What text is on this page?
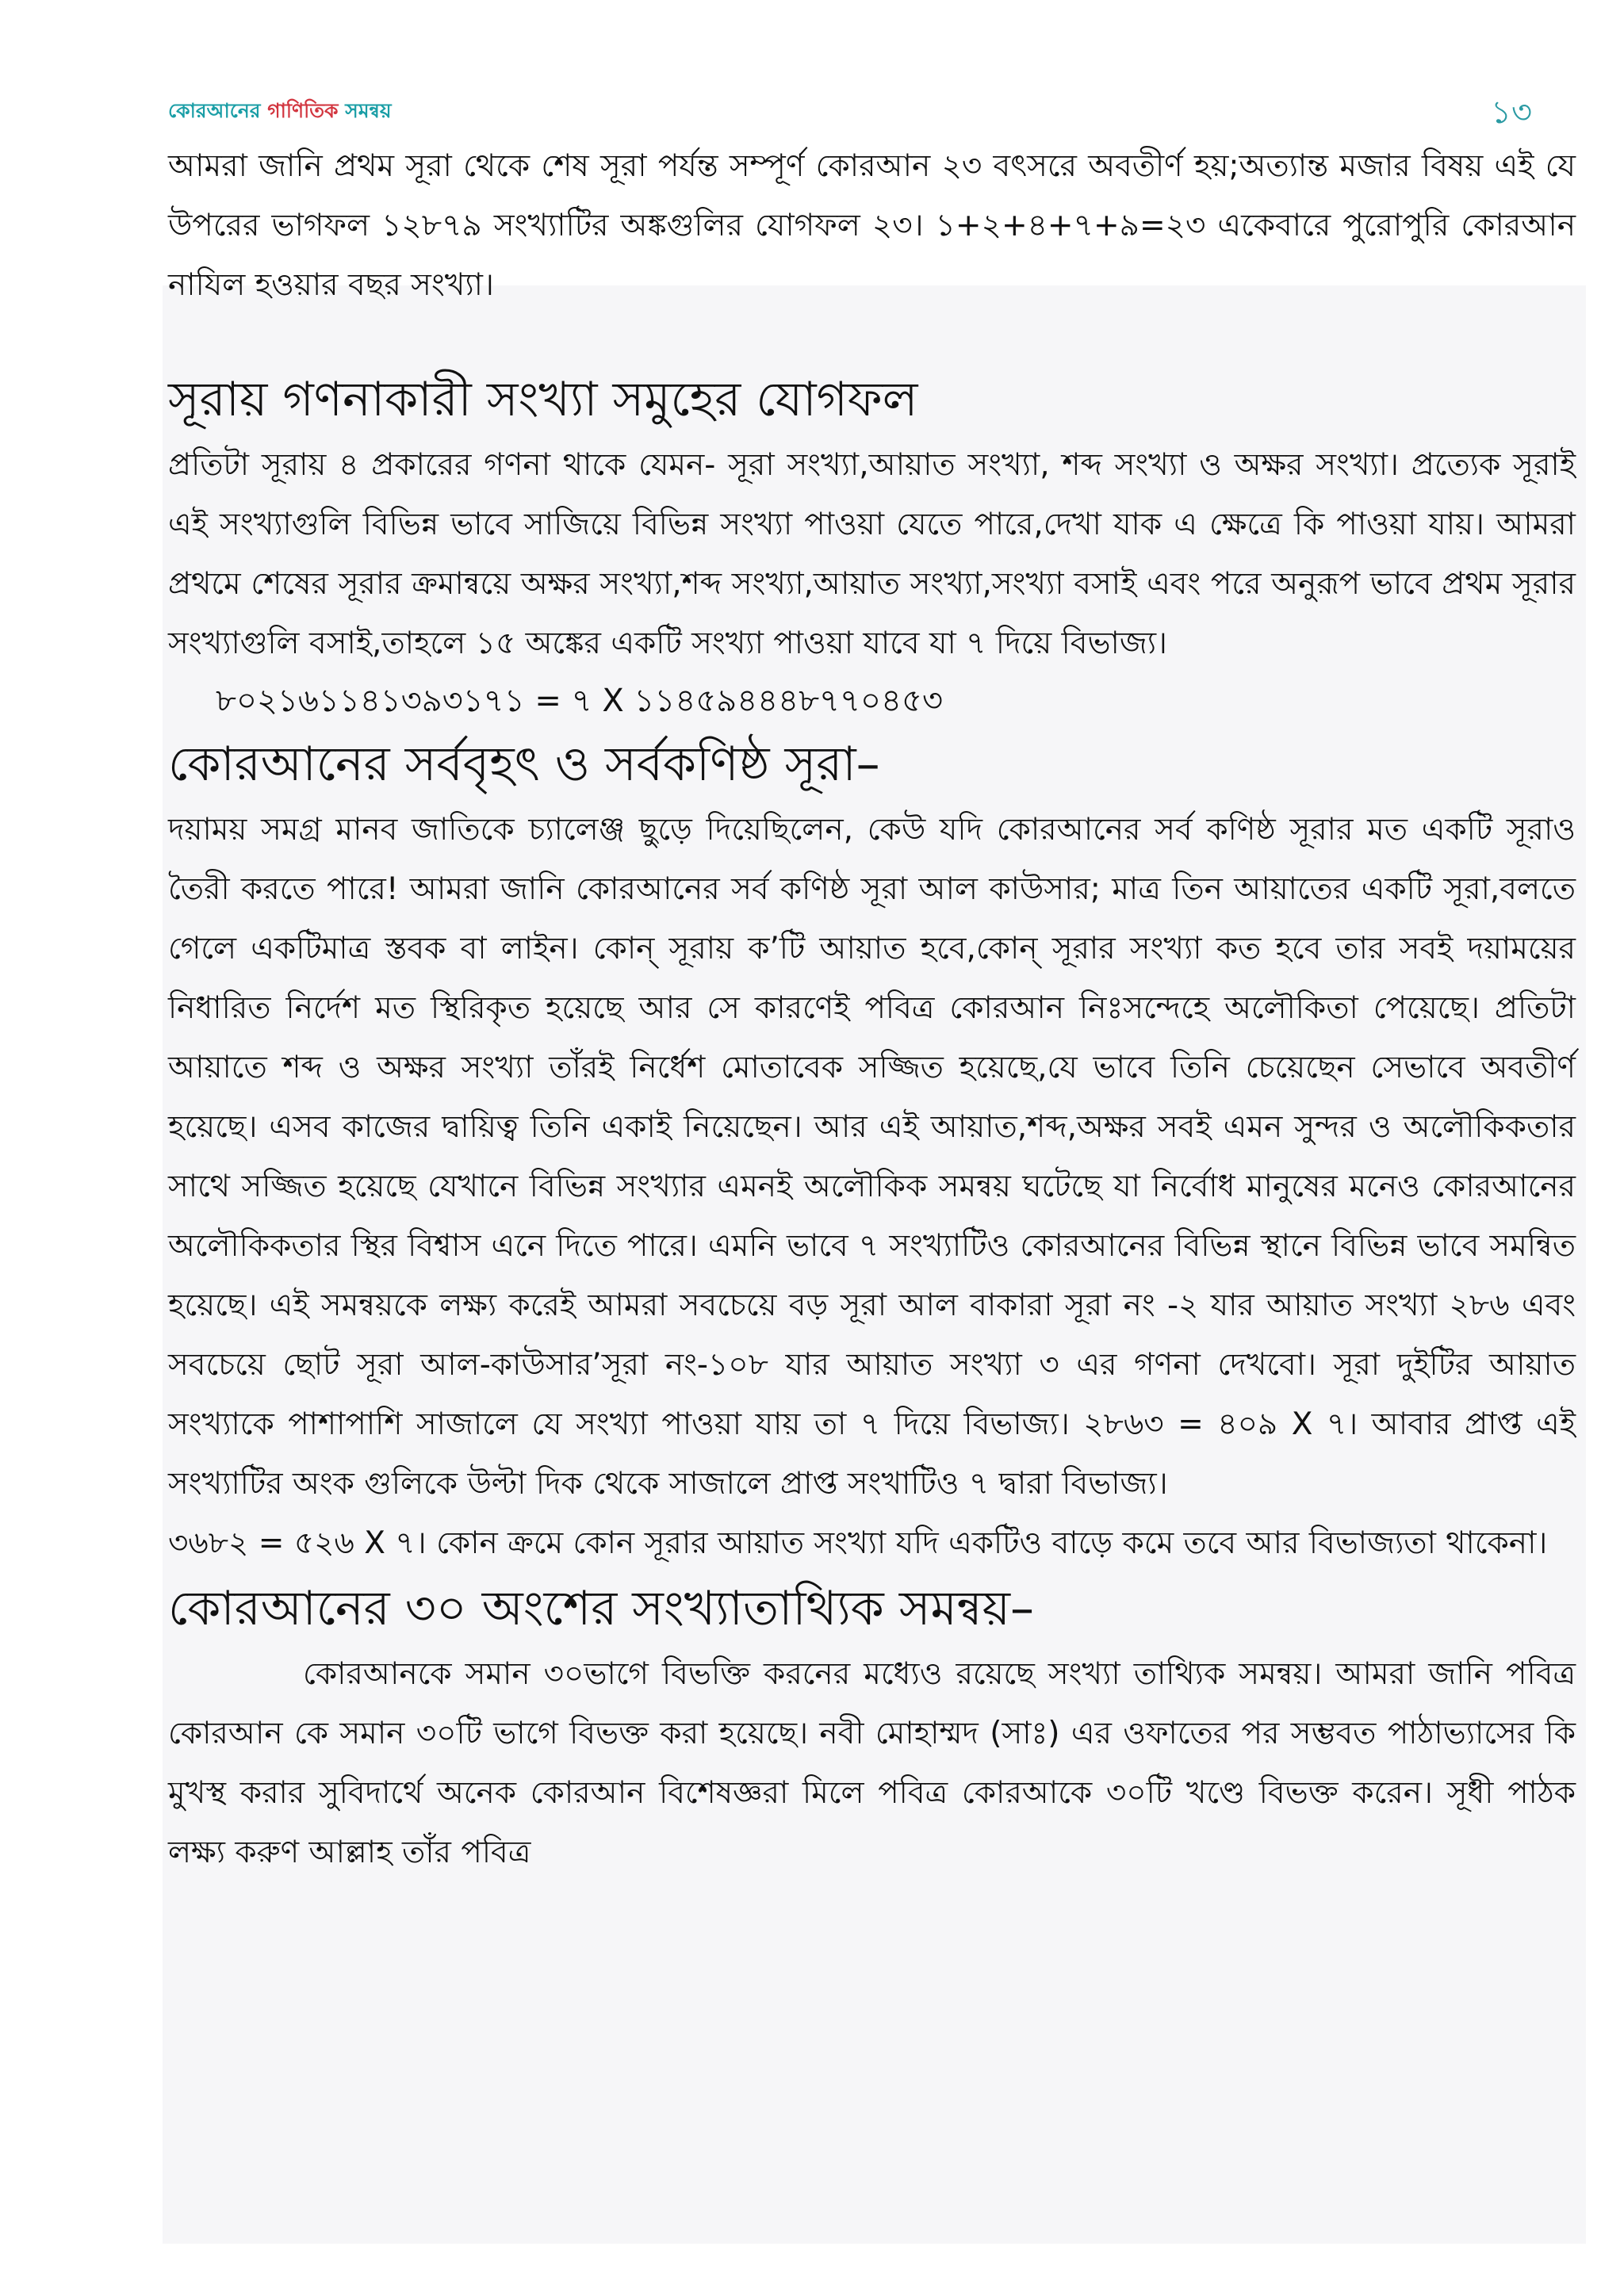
কোরআনের গাণিতিক সমন্বয়	১৩

আমরা জানি প্রথম সূরা থেকে শেষ সূরা পর্যন্ত সম্পূর্ণ কোরআন ২৩ বৎসরে অবতীর্ণ হয়;অত্যান্ত মজার বিষয় এই যে উপরের ভাগফল ১২৮৭৯ সংখ্যাটির অঙ্কগুলির যোগফল ২৩। ১+২+৪+৭+৯=২৩ একেবারে পুরোপুরি কোরআন নাযিল হওয়ার বছর সংখ্যা।

সূরায় গণনাকারী সংখ্যা সমুহের যোগফল

প্রতিটা সূরায় ৪ প্রকারের গণনা থাকে যেমন- সূরা সংখ্যা,আয়াত সংখ্যা, শব্দ সংখ্যা ও অক্ষর সংখ্যা। প্রত্যেক সূরাই এই সংখ্যাগুলি বিভিন্ন ভাবে সাজিয়ে বিভিন্ন সংখ্যা পাওয়া যেতে পারে,দেখা যাক এ ক্ষেত্রে কি পাওয়া যায়। আমরা প্রথমে শেষের সূরার ক্রমান্বয়ে অক্ষর সংখ্যা,শব্দ সংখ্যা,আয়াত সংখ্যা,সংখ্যা বসাই এবং পরে অনুরূপ ভাবে প্রথম সূরার সংখ্যাগুলি বসাই,তাহলে ১৫ অঙ্কের একটি সংখ্যা পাওয়া যাবে যা ৭ দিয়ে বিভাজ্য।

৮০২১৬১১৪১৩৯৩১৭১ = ৭ X ১১৪৫৯৪৪৪৮৭৭০৪৫৩
কোরআনের সর্ববৃহৎ ও সর্বকণিষ্ঠ সূরা–

দয়াময় সমগ্র মানব জাতিকে চ্যালেঞ্জ ছুড়ে দিয়েছিলেন, কেউ যদি কোরআনের সর্ব কণিষ্ঠ সূরার মত একটি সূরাও তৈরী করতে পারে! আমরা জানি কোরআনের সর্ব কণিষ্ঠ সূরা আল কাউসার; মাত্র তিন আয়াতের একটি সূরা,বলতে গেলে একটিমাত্র স্তবক বা লাইন। কোন্ সূরায় ক’টি আয়াত হবে,কোন্ সূরার সংখ্যা কত হবে তার সবই দয়াময়ের নিধারিত নির্দেশ মত স্থিরিকৃত হয়েছে আর সে কারণেই পবিত্র কোরআন নিঃসন্দেহে অলৌকিতা পেয়েছে। প্রতিটা আয়াতে শব্দ ও অক্ষর সংখ্যা তাঁরই নির্ধেশ মোতাবেক সজ্জিত হয়েছে,যে ভাবে তিনি চেয়েছেন সেভাবে অবতীর্ণ হয়েছে। এসব কাজের দ্বায়িত্ব তিনি একাই নিয়েছেন। আর এই আয়াত,শব্দ,অক্ষর সবই এমন সুন্দর ও অলৌকিকতার সাথে সজ্জিত হয়েছে যেখানে বিভিন্ন সংখ্যার এমনই অলৌকিক সমন্বয় ঘটেছে যা নির্বোধ মানুষের মনেও কোরআনের অলৌকিকতার স্থির বিশ্বাস এনে দিতে পারে। এমনি ভাবে ৭ সংখ্যাটিও কোরআনের বিভিন্ন স্থানে বিভিন্ন ভাবে সমন্বিত হয়েছে। এই সমন্বয়কে লক্ষ্য করেই আমরা সবচেয়ে বড় সূরা আল বাকারা সূরা নং -২ যার আয়াত সংখ্যা ২৮৬ এবং সবচেয়ে ছোট সূরা আল-কাউসার’সূরা নং-১০৮ যার আয়াত সংখ্যা ৩ এর গণনা দেখবো। সূরা দুইটির আয়াত সংখ্যাকে পাশাপাশি সাজালে যে সংখ্যা পাওয়া যায় তা ৭ দিয়ে বিভাজ্য। ২৮৬৩ = ৪০৯ X ৭। আবার প্রাপ্ত এই সংখ্যাটির অংক গুলিকে উল্টা দিক থেকে সাজালে প্রাপ্ত সংখাটিও ৭ দ্বারা বিভাজ্য।

৩৬৮২ = ৫২৬ X ৭। কোন ক্রমে কোন সূরার আয়াত সংখ্যা যদি একটিও বাড়ে কমে তবে আর বিভাজ্যতা থাকেনা।

কোরআনের ৩০ অংশের সংখ্যাতাথ্যিক সমন্বয়–

কোরআনকে সমান ৩০ভাগে বিভক্তি করনের মধ্যেও রয়েছে সংখ্যা তাথ্যিক সমন্বয়। আমরা জানি পবিত্র কোরআন কে সমান ৩০টি ভাগে বিভক্ত করা হয়েছে। নবী মোহাম্মদ (সাঃ) এর ওফাতের পর সম্ভবত পাঠাভ্যাসের কি মুখস্থ করার সুবিদার্থে অনেক কোরআন বিশেষজ্ঞরা মিলে পবিত্র কোরআকে ৩০টি খণ্ডে বিভক্ত করেন। সূধী পাঠক লক্ষ্য করুণ আল্লাহ তাঁর পবিত্র
